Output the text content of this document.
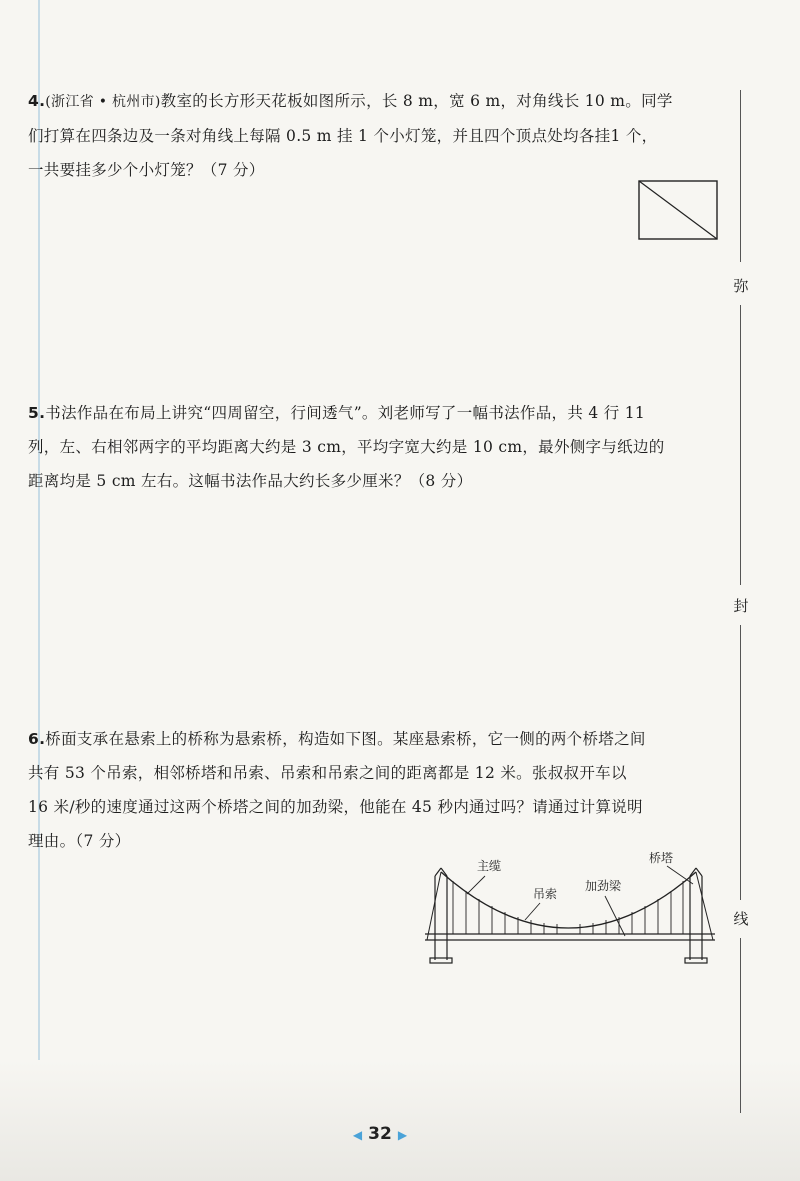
弥
封
线
4.(浙江省 • 杭州市)教室的长方形天花板如图所示，长 8 m，宽 6 m，对角线长 10 m。同学
们打算在四条边及一条对角线上每隔 0.5 m 挂 1 个小灯笼，并且四个顶点处均各挂1 个，
一共要挂多少个小灯笼？（7 分）
5.书法作品在布局上讲究“四周留空，行间透气”。刘老师写了一幅书法作品，共 4 行 11
列，左、右相邻两字的平均距离大约是 3 cm，平均字宽大约是 10 cm，最外侧字与纸边的
距离均是 5 cm 左右。这幅书法作品大约长多少厘米？（8 分）
6.桥面支承在悬索上的桥称为悬索桥，构造如下图。某座悬索桥，它一侧的两个桥塔之间
共有 53 个吊索，相邻桥塔和吊索、吊索和吊索之间的距离都是 12 米。张叔叔开车以
16 米/秒的速度通过这两个桥塔之间的加劲梁，他能在 45 秒内通过吗？请通过计算说明
理由。（7 分）
主缆
吊索
加劲梁
桥塔
◀ 32 ▶
